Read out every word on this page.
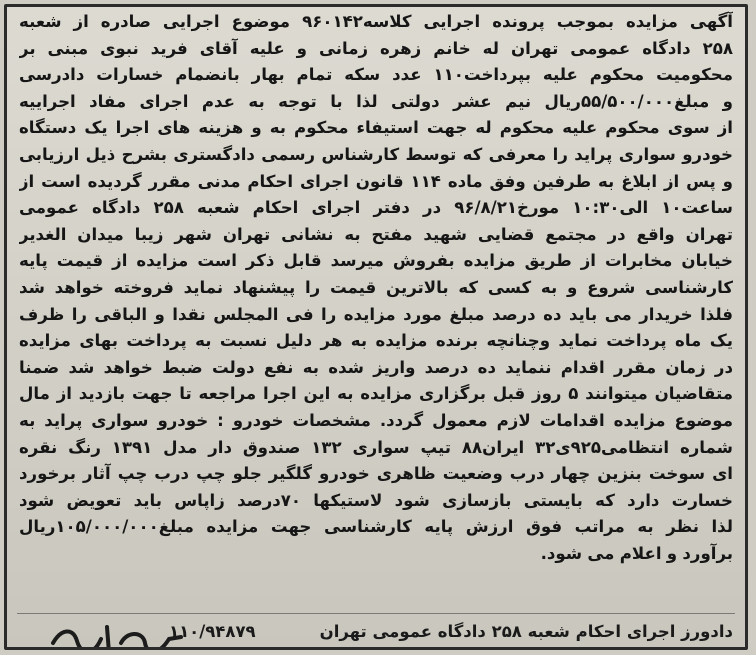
آگهی مزایده بموجب پرونده اجرایی کلاسه۹۶۰۱۴۲ موضوع اجرایی صادره از شعبه
۲۵۸ دادگاه عمومی تهران له خانم زهره زمانی و علیه آقای فرید نبوی مبنی بر
محکومیت محکوم علیه بپرداخت۱۱۰ عدد سکه تمام بهار بانضمام خسارات دادرسی
و مبلغ۵۵/۵۰۰/۰۰۰ریال نیم عشر دولتی لذا با توجه به عدم اجرای مفاد اجراییه
از سوی محکوم علیه محکوم له جهت استیفاء محکوم به و هزینه های اجرا یک دستگاه
خودرو سواری پراید را معرفی که توسط کارشناس رسمی دادگستری بشرح ذیل ارزیابی
و پس از ابلاغ به طرفین وفق ماده ۱۱۴ قانون اجرای احکام مدنی مقرر گردیده است از
ساعت۱۰ الی۱۰:۳۰ مورخ۹۶/۸/۲۱ در دفتر اجرای احکام شعبه ۲۵۸ دادگاه عمومی
تهران واقع در مجتمع قضایی شهید مفتح به نشانی تهران شهر زیبا میدان الغدیر
خیابان مخابرات از طریق مزایده بفروش میرسد قابل ذکر است مزایده از قیمت پایه
کارشناسی شروع و به کسی که بالاترین قیمت را پیشنهاد نماید فروخته خواهد شد
فلذا خریدار می باید ده درصد مبلغ مورد مزایده را فی المجلس نقدا و الباقی را ظرف
یک ماه پرداخت نماید وچنانچه برنده مزایده به هر دلیل نسبت به پرداخت بهای مزایده
در زمان مقرر اقدام ننماید ده درصد واریز شده به نفع دولت ضبط خواهد شد ضمنا
متقاضیان میتوانند ۵ روز قبل برگزاری مزایده به این اجرا مراجعه تا جهت بازدید از مال
موضوع مزایده اقدامات لازم معمول گردد. مشخصات خودرو : خودرو سواری پراید به
شماره انتظامی۹۲۵ی۳۲ ایران۸۸ تیپ سواری ۱۳۲ صندوق دار مدل ۱۳۹۱ رنگ نقره
ای سوخت بنزین چهار درب وضعیت ظاهری خودرو گلگیر جلو چپ درب چپ آثار برخورد
خسارت دارد که بایستی بازسازی شود لاستیکها ۷۰درصد زاپاس باید تعویض شود
لذا نظر به مراتب فوق ارزش پایه کارشناسی جهت مزایده مبلغ۱۰۵/۰۰۰/۰۰۰ریال
برآورد و اعلام می شود.
دادورز اجرای احکام شعبه ۲۵۸ دادگاه عمومی تهران
۱۱۰/۹۴۸۷۹
